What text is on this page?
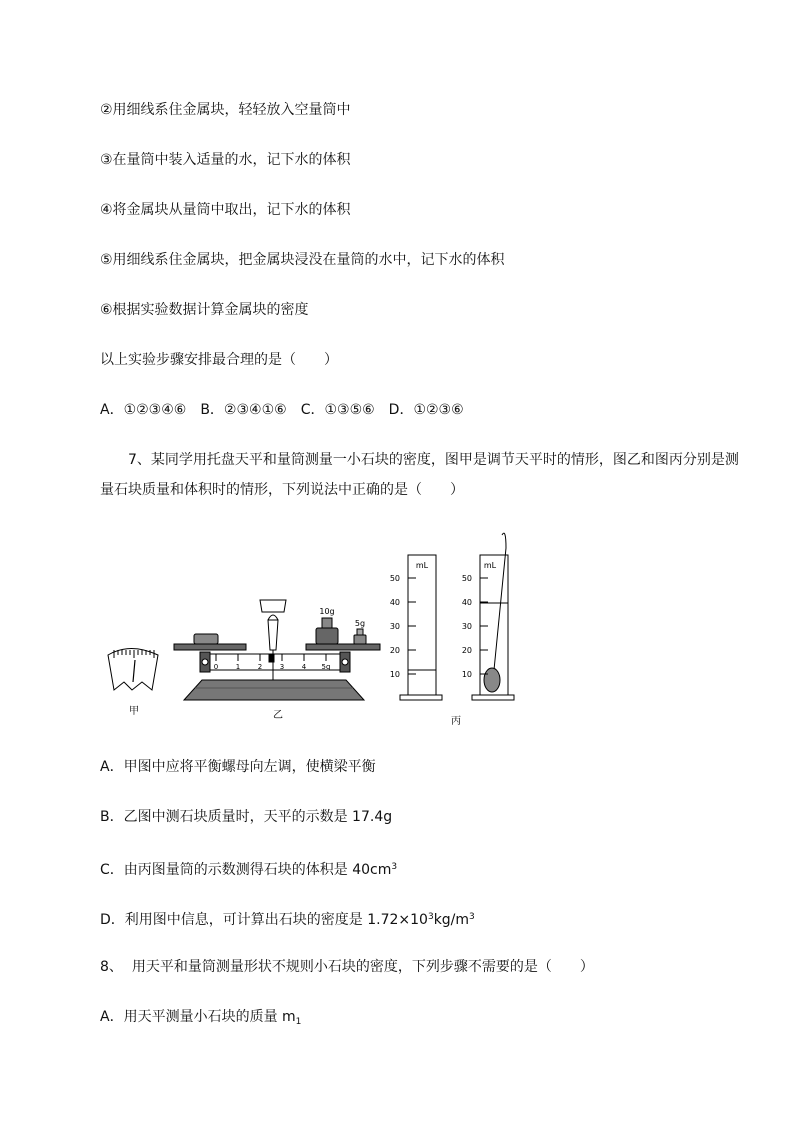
②用细线系住金属块，轻轻放入空量筒中
③在量筒中装入适量的水，记下水的体积
④将金属块从量筒中取出，记下水的体积
⑤用细线系住金属块，把金属块浸没在量筒的水中，记下水的体积
⑥根据实验数据计算金属块的密度
以上实验步骤安排最合理的是（　　）
A．①②③④⑥　B．②③④①⑥　C．①③⑤⑥　D．①②③⑥
7、某同学用托盘天平和量筒测量一小石块的密度，图甲是调节天平时的情形，图乙和图丙分别是测量石块质量和体积时的情形，下列说法中正确的是（　　）
甲
0	1	2	3	4 5g
10g
5g
乙
mL	mL
50
40
30
20
10
50
40
30
20
10
丙
A．甲图中应将平衡螺母向左调，使横梁平衡
B．乙图中测石块质量时，天平的示数是 17.4g
C．由丙图量筒的示数测得石块的体积是 $40cm^3$
D．利用图中信息，可计算出石块的密度是 $1.72\times 10^3kg/m^3$
8、 用天平和量筒测量形状不规则小石块的密度，下列步骤不需要的是（　　）
A．用天平测量小石块的质量 $m_1$
